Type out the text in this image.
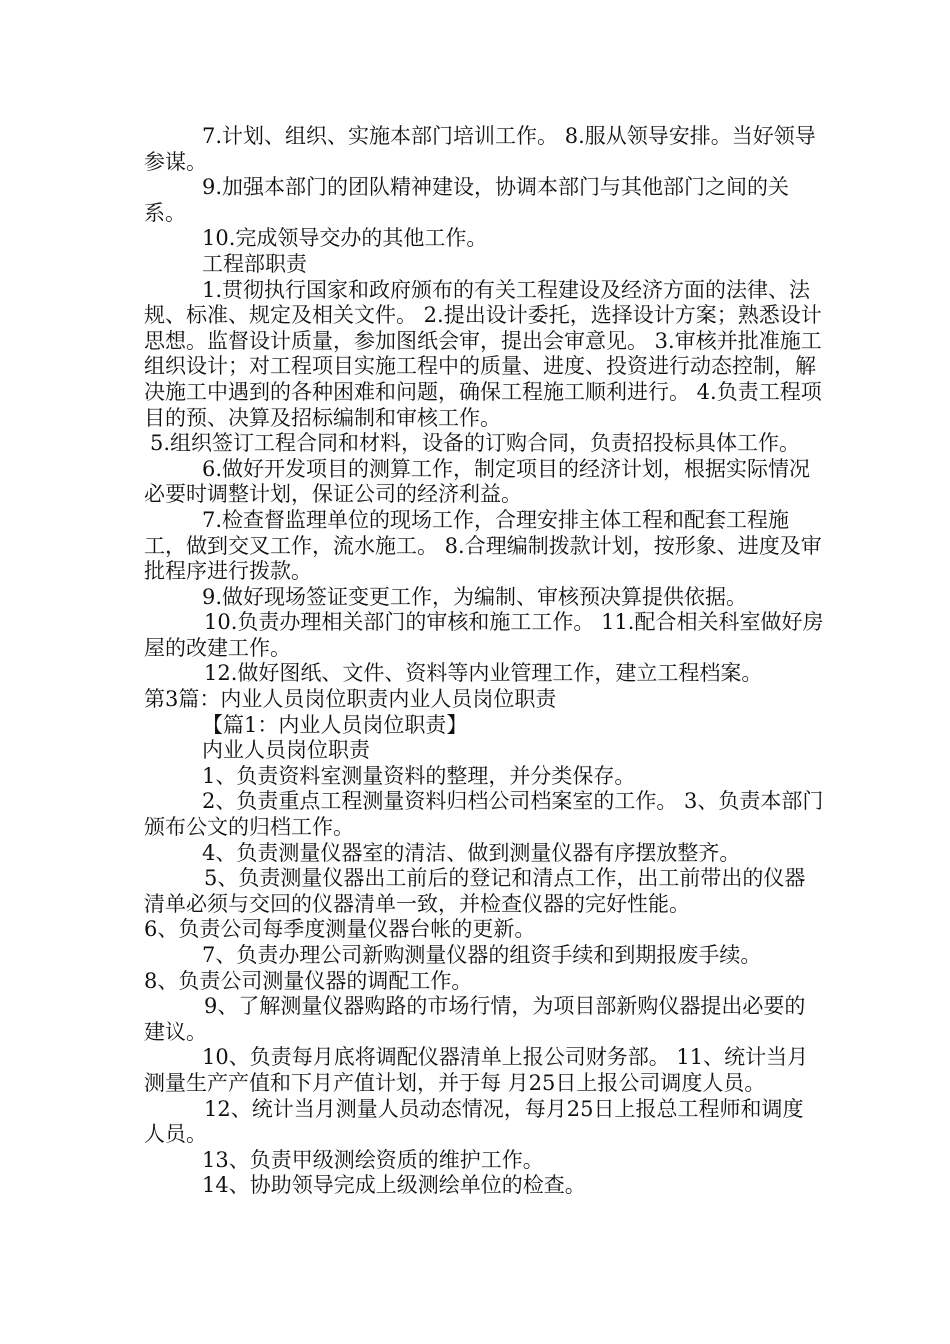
7.计划、组织、实施本部门培训工作。 8.服从领导安排。当好领导参谋。

9.加强本部门的团队精神建设，协调本部门与其他部门之间的关系。

10.完成领导交办的其他工作。

工程部职责

1.贯彻执行国家和政府颁布的有关工程建设及经济方面的法律、法规、标准、规定及相关文件。 2.提出设计委托，选择设计方案；熟悉设计思想。监督设计质量，参加图纸会审，提出会审意见。 3.审核并批准施工组织设计；对工程项目实施工程中的质量、进度、投资进行动态控制，解决施工中遇到的各种困难和问题，确保工程施工顺利进行。 4.负责工程项目的预、决算及招标编制和审核工作。

5.组织签订工程合同和材料，设备的订购合同，负责招投标具体工作。

6.做好开发项目的测算工作，制定项目的经济计划，根据实际情况必要时调整计划，保证公司的经济利益。

7.检查督监理单位的现场工作，合理安排主体工程和配套工程施工，做到交叉工作，流水施工。 8.合理编制拨款计划，按形象、进度及审批程序进行拨款。

9.做好现场签证变更工作，为编制、审核预决算提供依据。

10.负责办理相关部门的审核和施工工作。 11.配合相关科室做好房屋的改建工作。

12.做好图纸、文件、资料等内业管理工作，建立工程档案。

第3篇：内业人员岗位职责内业人员岗位职责

【篇1：内业人员岗位职责】

内业人员岗位职责

1、负责资料室测量资料的整理，并分类保存。

2、负责重点工程测量资料归档公司档案室的工作。 3、负责本部门颁布公文的归档工作。

4、负责测量仪器室的清洁、做到测量仪器有序摆放整齐。

5、负责测量仪器出工前后的登记和清点工作，出工前带出的仪器清单必须与交回的仪器清单一致，并检查仪器的完好性能。

6、负责公司每季度测量仪器台帐的更新。

7、负责办理公司新购测量仪器的组资手续和到期报废手续。

8、负责公司测量仪器的调配工作。

9、了解测量仪器购路的市场行情，为项目部新购仪器提出必要的建议。

10、负责每月底将调配仪器清单上报公司财务部。 11、统计当月测量生产产值和下月产值计划，并于每 月25日上报公司调度人员。

12、统计当月测量人员动态情况，每月25日上报总工程师和调度人员。

13、负责甲级测绘资质的维护工作。

14、协助领导完成上级测绘单位的检查。
